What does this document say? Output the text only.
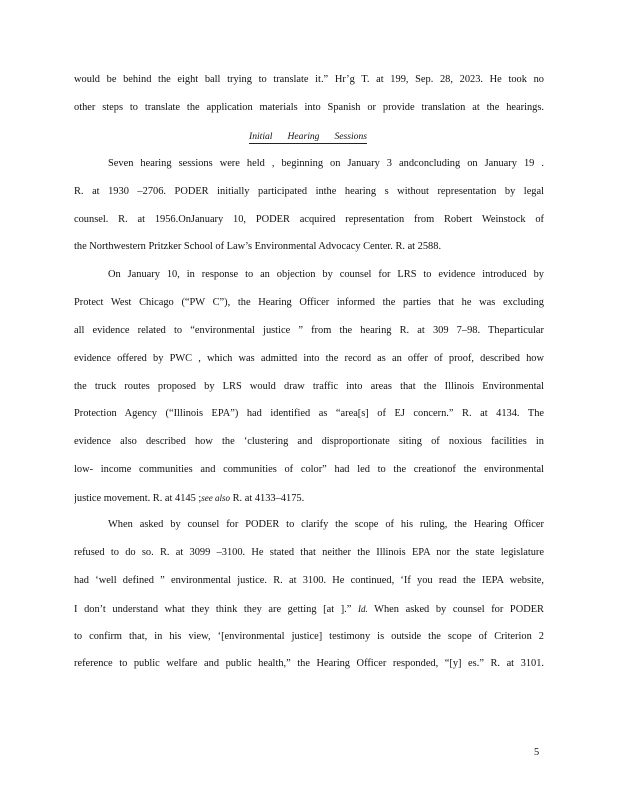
would be behind the eight ball trying to translate it.” Hr’g T. at 199, Sep. 28, 2023. He took no
other steps to translate the application materials into Spanish or provide translation at the hearings.
Initial Hearing Sessions
Seven hearing sessions were held , beginning on January 3 andconcluding on January 19 .
R. at 1930 –2706. PODER initially participated inthe hearing s without representation by legal
counsel. R. at 1956.OnJanuary 10, PODER acquired representation from Robert Weinstock of
the Northwestern Pritzker School of Law’s Environmental Advocacy Center. R. at 2588.
On January 10, in response to an objection by counsel for LRS to evidence introduced by
Protect West Chicago (“PW C”), the Hearing Officer informed the parties that he was excluding
all evidence related to “environmental justice ” from the hearing R. at 309 7–98. Theparticular
evidence offered by PWC , which was admitted into the record as an offer of proof, described how
the truck routes proposed by LRS would draw traffic into areas that the Illinois Environmental
Protection Agency (“Illinois EPA”) had identified as “area[s] of EJ concern.” R. at 4134. The
evidence also described how the ‘clustering and disproportionate siting of noxious facilities in
low- income communities and communities of color” had led to the creationof the environmental
justice movement. R. at 4145 ;see also R. at 4133–4175.
When asked by counsel for PODER to clarify the scope of his ruling, the Hearing Officer
refused to do so. R. at 3099 –3100. He stated that neither the Illinois EPA nor the state legislature
had ‘well defined ” environmental justice. R. at 3100. He continued, ‘If you read the IEPA website,
I don’t understand what they think they are getting [at ].” Id. When asked by counsel for PODER
to confirm that, in his view, ‘[environmental justice] testimony is outside the scope of Criterion 2
reference to public welfare and public health,” the Hearing Officer responded, “[y] es.” R. at 3101.
5
